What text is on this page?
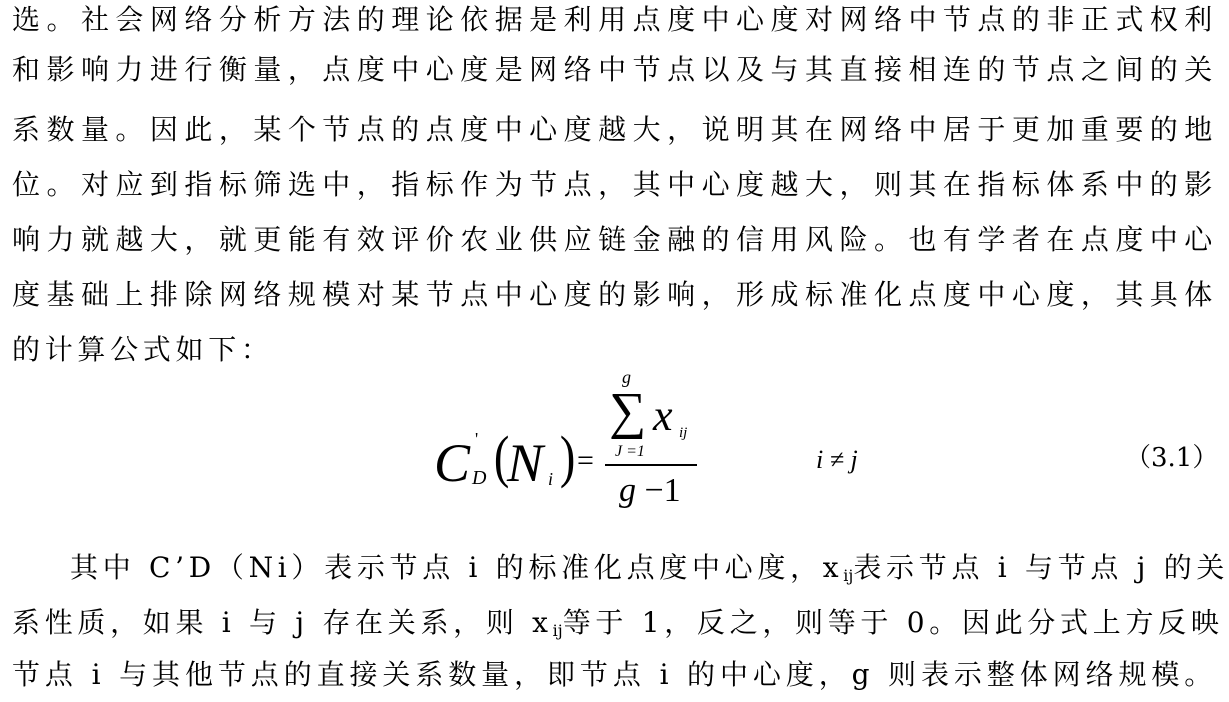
选。社会网络分析方法的理论依据是利用点度中心度对网络中节点的非正式权利
和影响力进行衡量，点度中心度是网络中节点以及与其直接相连的节点之间的关
系数量。因此，某个节点的点度中心度越大，说明其在网络中居于更加重要的地
位。对应到指标筛选中，指标作为节点，其中心度越大，则其在指标体系中的影
响力就越大，就更能有效评价农业供应链金融的信用风险。也有学者在点度中心
度基础上排除网络规模对某节点中心度的影响，形成标准化点度中心度，其具体
的计算公式如下：
C '
D (
N i ) =
g
∑ x ij
J =1
g −1
i ≠ j	（3.1）
其中 C’D（Ni）表示节点 i 的标准化点度中心度，$x_{ij}$表示节点 i 与节点 j 的关
系性质，如果 i 与 j 存在关系，则 $x_{ij}$等于 1，反之，则等于 0。因此分式上方反映
节点 i 与其他节点的直接关系数量，即节点 i 的中心度，g 则表示整体网络规模。
